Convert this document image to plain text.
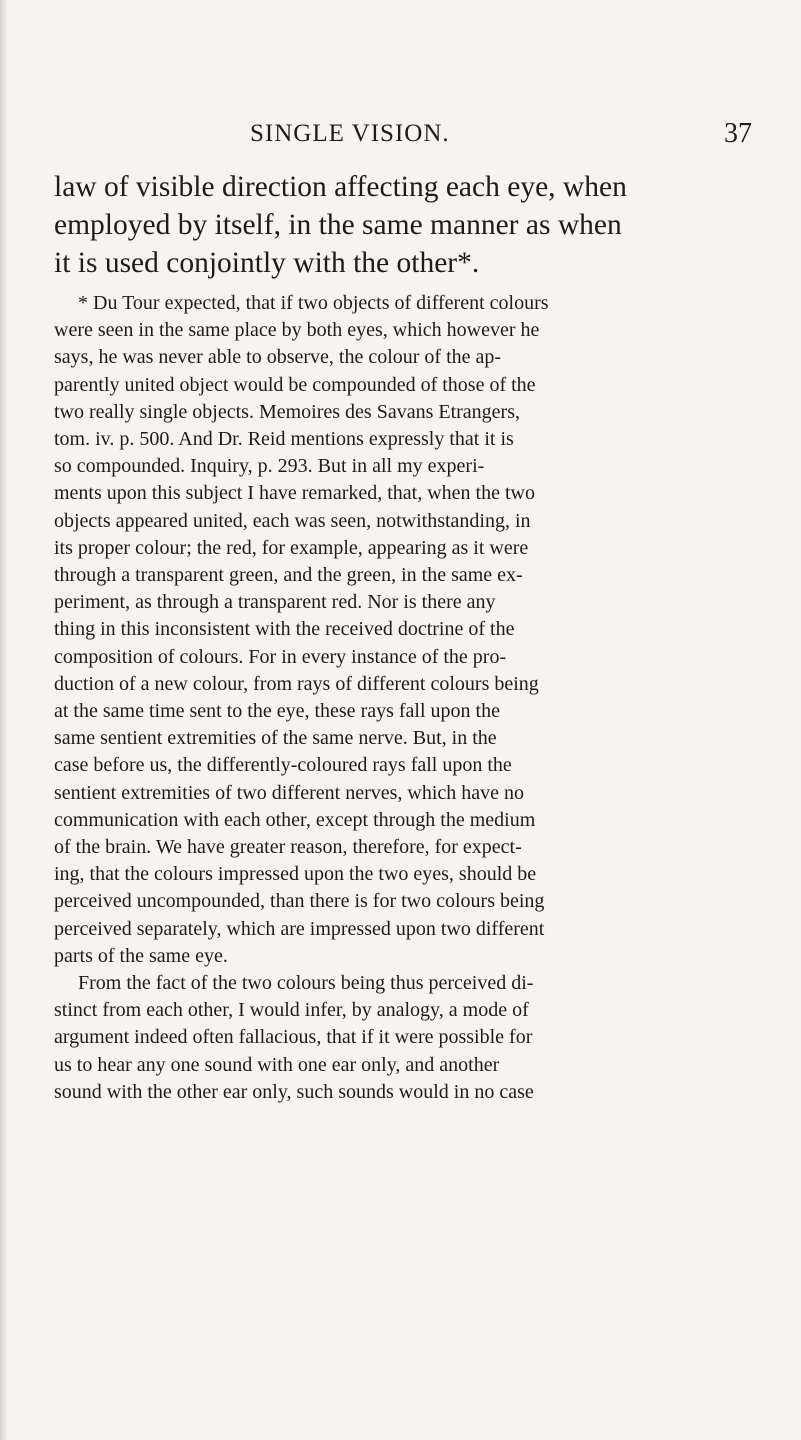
SINGLE VISION.	37

law of visible direction affecting each eye, when
employed by itself, in the same manner as when
it is used conjointly with the other*.

* Du Tour expected, that if two objects of different colours
were seen in the same place by both eyes, which however he
says, he was never able to observe, the colour of the ap-
parently united object would be compounded of those of the
two really single objects. Memoires des Savans Etrangers,
tom. iv. p. 500. And Dr. Reid mentions expressly that it is
so compounded. Inquiry, p. 293. But in all my experi-
ments upon this subject I have remarked, that, when the two
objects appeared united, each was seen, notwithstanding, in
its proper colour; the red, for example, appearing as it were
through a transparent green, and the green, in the same ex-
periment, as through a transparent red. Nor is there any
thing in this inconsistent with the received doctrine of the
composition of colours. For in every instance of the pro-
duction of a new colour, from rays of different colours being
at the same time sent to the eye, these rays fall upon the
same sentient extremities of the same nerve. But, in the
case before us, the differently-coloured rays fall upon the
sentient extremities of two different nerves, which have no
communication with each other, except through the medium
of the brain. We have greater reason, therefore, for expect-
ing, that the colours impressed upon the two eyes, should be
perceived uncompounded, than there is for two colours being
perceived separately, which are impressed upon two different
parts of the same eye.
From the fact of the two colours being thus perceived di-
stinct from each other, I would infer, by analogy, a mode of
argument indeed often fallacious, that if it were possible for
us to hear any one sound with one ear only, and another
sound with the other ear only, such sounds would in no case
